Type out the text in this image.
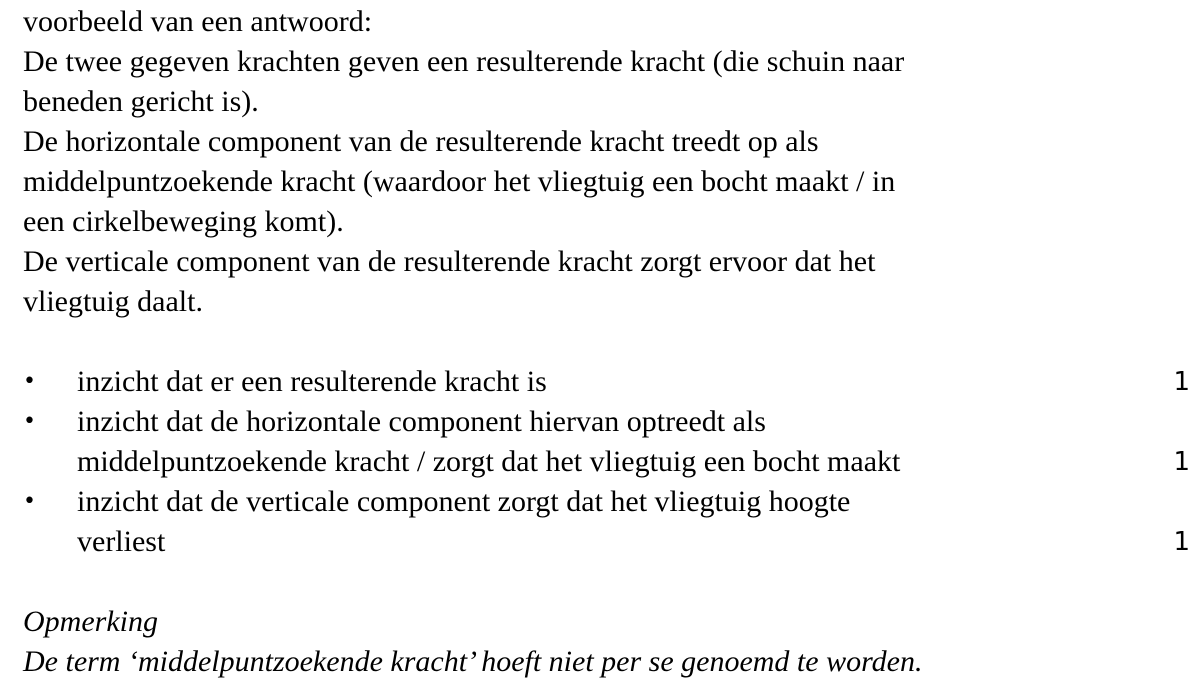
voorbeeld van een antwoord:

De twee gegeven krachten geven een resulterende kracht (die schuin naar

beneden gericht is).

De horizontale component van de resulterende kracht treedt op als

middelpuntzoekende kracht (waardoor het vliegtuig een bocht maakt / in

een cirkelbeweging komt).

De verticale component van de resulterende kracht zorgt ervoor dat het

vliegtuig daalt.

• inzicht dat er een resulterende kracht is	1
• inzicht dat de horizontale component hiervan optreedt als
middelpuntzoekende kracht / zorgt dat het vliegtuig een bocht maakt	1
• inzicht dat de verticale component zorgt dat het vliegtuig hoogte
verliest	1

Opmerking

De term ‘middelpuntzoekende kracht’ hoeft niet per se genoemd te worden.
